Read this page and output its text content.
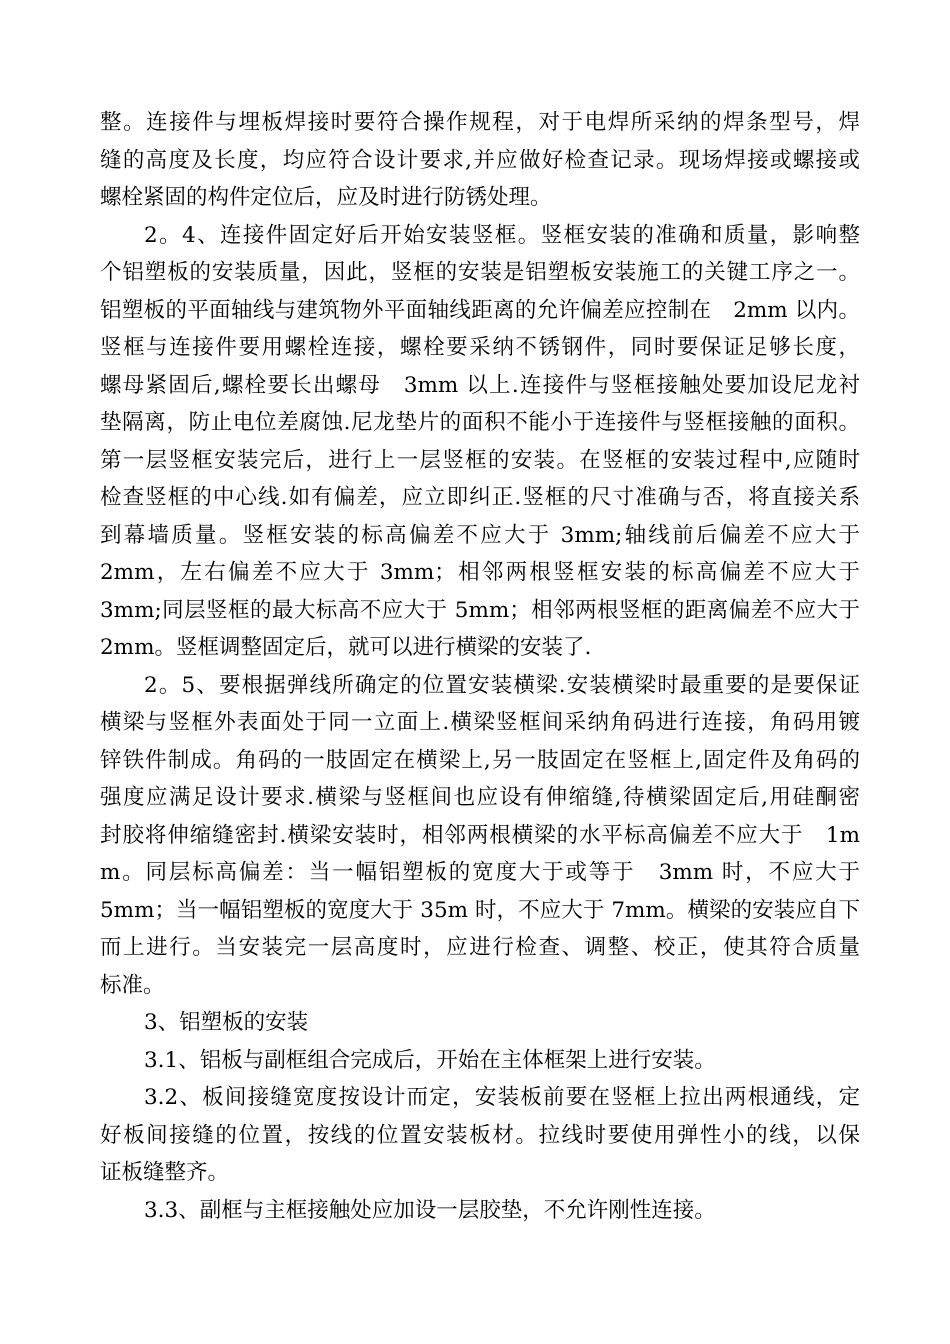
整。连接件与埋板焊接时要符合操作规程，对于电焊所采纳的焊条型号，焊
缝的高度及长度，均应符合设计要求,并应做好检查记录。现场焊接或螺接或
螺栓紧固的构件定位后，应及时进行防锈处理。
2。4、连接件固定好后开始安装竖框。竖框安装的准确和质量，影响整
个铝塑板的安装质量，因此，竖框的安装是铝塑板安装施工的关键工序之一。
铝塑板的平面轴线与建筑物外平面轴线距离的允许偏差应控制在　2mm 以内。
竖框与连接件要用螺栓连接，螺栓要采纳不锈钢件，同时要保证足够长度，
螺母紧固后,螺栓要长出螺母　3mm 以上.连接件与竖框接触处要加设尼龙衬
垫隔离，防止电位差腐蚀.尼龙垫片的面积不能小于连接件与竖框接触的面积。
第一层竖框安装完后，进行上一层竖框的安装。在竖框的安装过程中,应随时
检查竖框的中心线.如有偏差，应立即纠正.竖框的尺寸准确与否，将直接关系
到幕墙质量。竖框安装的标高偏差不应大于 3mm;轴线前后偏差不应大于
2mm，左右偏差不应大于 3mm；相邻两根竖框安装的标高偏差不应大于
3mm;同层竖框的最大标高不应大于 5mm；相邻两根竖框的距离偏差不应大于
2mm。竖框调整固定后，就可以进行横梁的安装了.
2。5、要根据弹线所确定的位置安装横梁.安装横梁时最重要的是要保证
横梁与竖框外表面处于同一立面上.横梁竖框间采纳角码进行连接，角码用镀
锌铁件制成。角码的一肢固定在横梁上,另一肢固定在竖框上,固定件及角码的
强度应满足设计要求.横梁与竖框间也应设有伸缩缝,待横梁固定后,用硅酮密
封胶将伸缩缝密封.横梁安装时，相邻两根横梁的水平标高偏差不应大于　1m
m。同层标高偏差：当一幅铝塑板的宽度大于或等于　3mm 时，不应大于
5mm；当一幅铝塑板的宽度大于 35m 时，不应大于 7mm。横梁的安装应自下
而上进行。当安装完一层高度时，应进行检查、调整、校正，使其符合质量
标准。
3、铝塑板的安装
3.1、铝板与副框组合完成后，开始在主体框架上进行安装。
3.2、板间接缝宽度按设计而定，安装板前要在竖框上拉出两根通线，定
好板间接缝的位置，按线的位置安装板材。拉线时要使用弹性小的线，以保
证板缝整齐。
3.3、副框与主框接触处应加设一层胶垫，不允许刚性连接。
